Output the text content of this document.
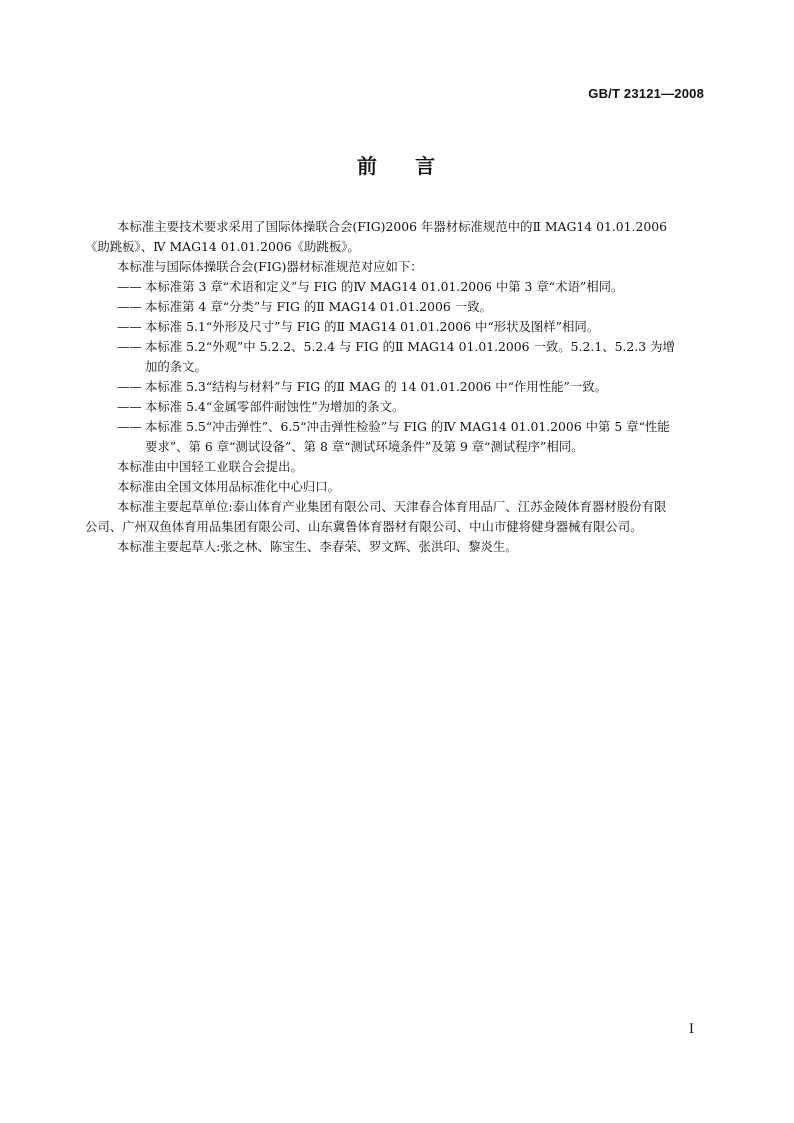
GB/T 23121—2008
前 言
本标准主要技术要求采用了国际体操联合会(FIG)2006 年器材标准规范中的Ⅱ MAG14 01.01.2006
《助跳板》、Ⅳ MAG14 01.01.2006《助跳板》。
本标准与国际体操联合会(FIG)器材标准规范对应如下：
—— 本标准第 3 章“术语和定义”与 FIG 的Ⅳ MAG14 01.01.2006 中第 3 章“术语”相同。
—— 本标准第 4 章“分类”与 FIG 的Ⅱ MAG14 01.01.2006 一致。
—— 本标准 5.1“外形及尺寸”与 FIG 的Ⅱ MAG14 01.01.2006 中“形状及图样”相同。
—— 本标准 5.2“外观”中 5.2.2、5.2.4 与 FIG 的Ⅱ MAG14 01.01.2006 一致。5.2.1、5.2.3 为增
加的条文。
—— 本标准 5.3“结构与材料”与 FIG 的Ⅱ MAG 的 14 01.01.2006 中“作用性能”一致。
—— 本标准 5.4“金属零部件耐蚀性”为增加的条文。
—— 本标准 5.5“冲击弹性”、6.5“冲击弹性检验”与 FIG 的Ⅳ MAG14 01.01.2006 中第 5 章“性能
要求”、第 6 章“测试设备”、第 8 章“测试环境条件”及第 9 章“测试程序”相同。
本标准由中国轻工业联合会提出。
本标准由全国文体用品标准化中心归口。
本标准主要起草单位:泰山体育产业集团有限公司、天津春合体育用品厂、江苏金陵体育器材股份有限
公司、广州双鱼体育用品集团有限公司、山东冀鲁体育器材有限公司、中山市健将健身器械有限公司。
本标准主要起草人:张之林、陈宝生、李春荣、罗文辉、张洪印、黎炎生。
I
